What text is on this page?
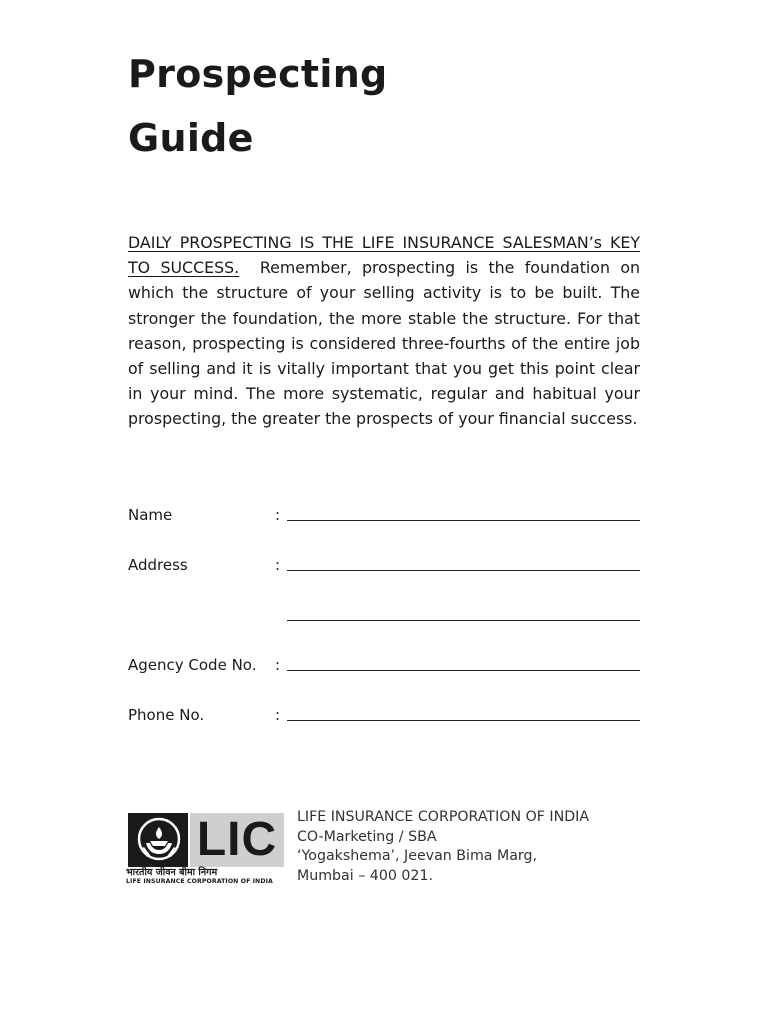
Prospecting
Guide

DAILY PROSPECTING IS THE LIFE INSURANCE SALESMAN’s KEY TO SUCCESS. Remember, prospecting is the foundation on which the structure of your selling activity is to be built. The stronger the foundation, the more stable the structure. For that reason, prospecting is considered three-fourths of the entire job of selling and it is vitally important that you get this point clear in your mind. The more systematic, regular and habitual your prospecting, the greater the prospects of your financial success.

Name	:
Address	:
Agency Code No. :
Phone No.	:
LIC
भारतीय जीवन बीमा निगम
LIFE INSURANCE CORPORATION OF INDIA
LIFE INSURANCE CORPORATION OF INDIA
CO-Marketing / SBA
‘Yogakshema’, Jeevan Bima Marg,
Mumbai – 400 021.
